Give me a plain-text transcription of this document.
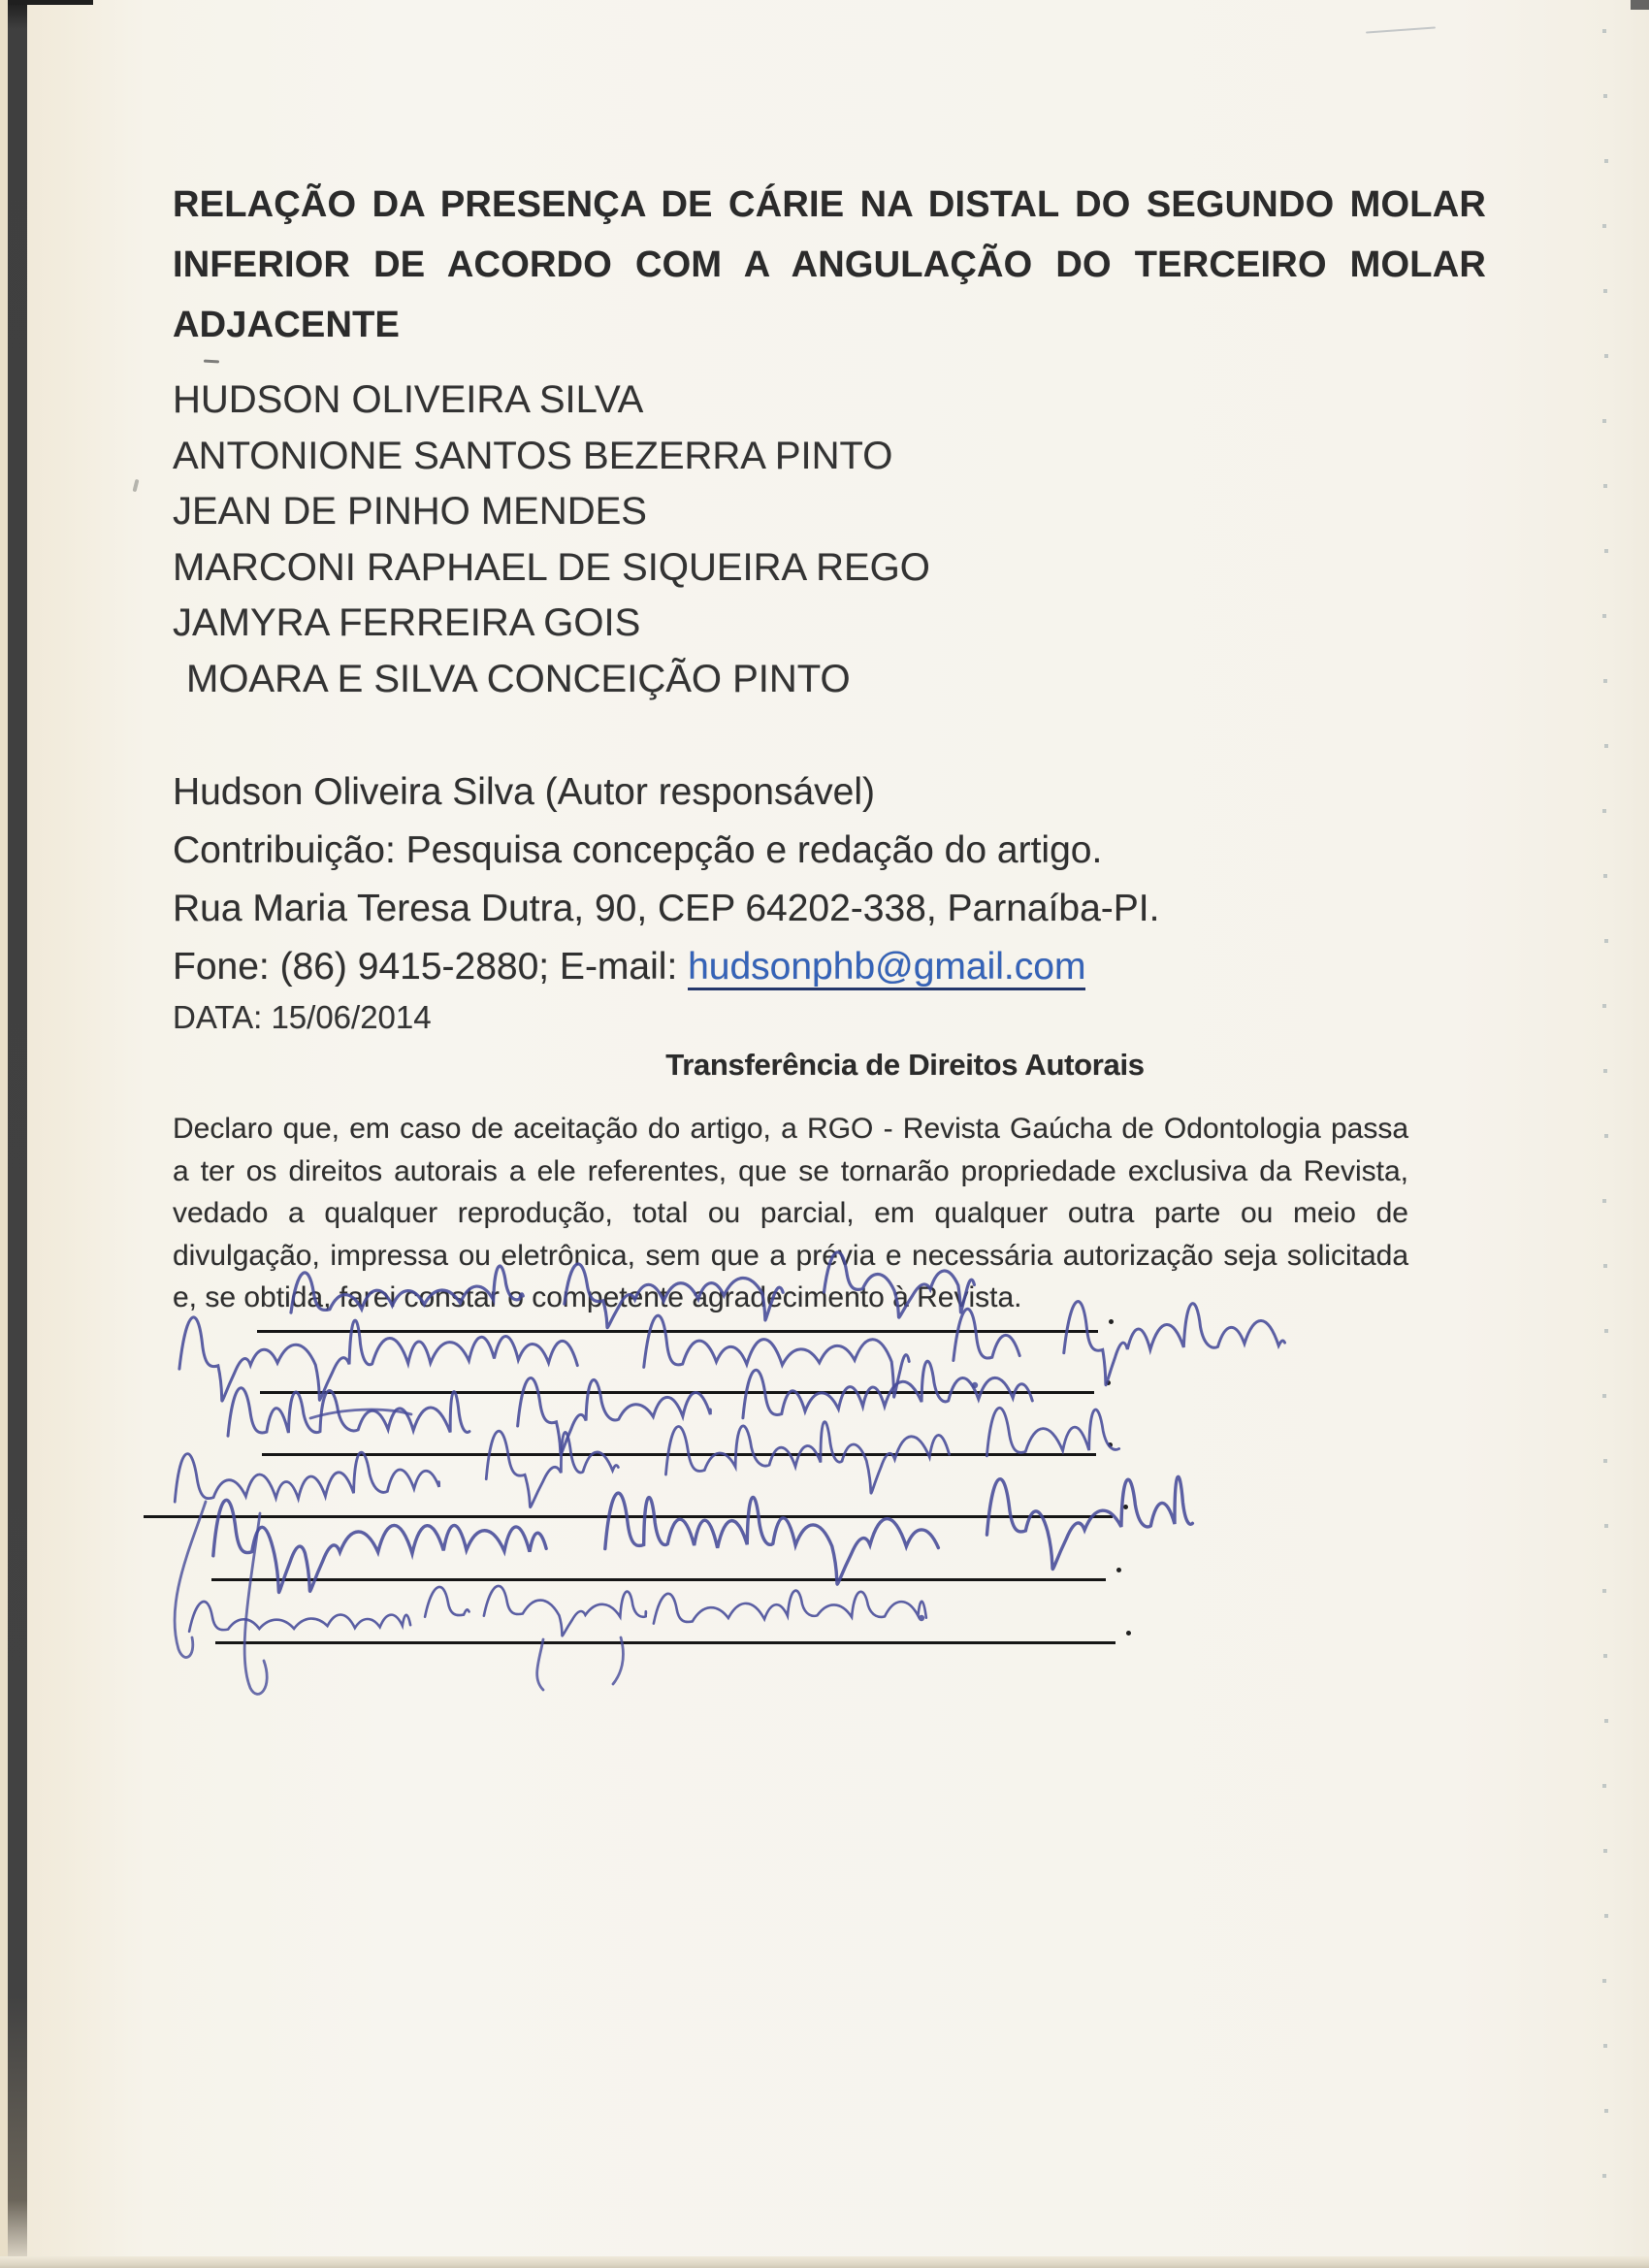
RELAÇÃO DA PRESENÇA DE CÁRIE NA DISTAL DO SEGUNDO MOLAR
INFERIOR DE ACORDO COM A ANGULAÇÃO DO TERCEIRO MOLAR
ADJACENTE
HUDSON OLIVEIRA SILVA
ANTONIONE SANTOS BEZERRA PINTO
JEAN DE PINHO MENDES
MARCONI RAPHAEL DE SIQUEIRA REGO
JAMYRA FERREIRA GOIS
MOARA E SILVA CONCEIÇÃO PINTO
Hudson Oliveira Silva (Autor responsável)
Contribuição: Pesquisa concepção e redação do artigo.
Rua Maria Teresa Dutra, 90, CEP 64202-338, Parnaíba-PI.
Fone: (86) 9415-2880; E-mail: hudsonphb@gmail.com
DATA: 15/06/2014
Transferência de Direitos Autorais
Declaro que, em caso de aceitação do artigo, a RGO - Revista Gaúcha de Odontologia passa
a ter os direitos autorais a ele referentes, que se tornarão propriedade exclusiva da Revista,
vedado a qualquer reprodução, total ou parcial, em qualquer outra parte ou meio de
divulgação, impressa ou eletrônica, sem que a prévia e necessária autorização seja solicitada
e, se obtida, farei constar o competente agradecimento à Revista.
